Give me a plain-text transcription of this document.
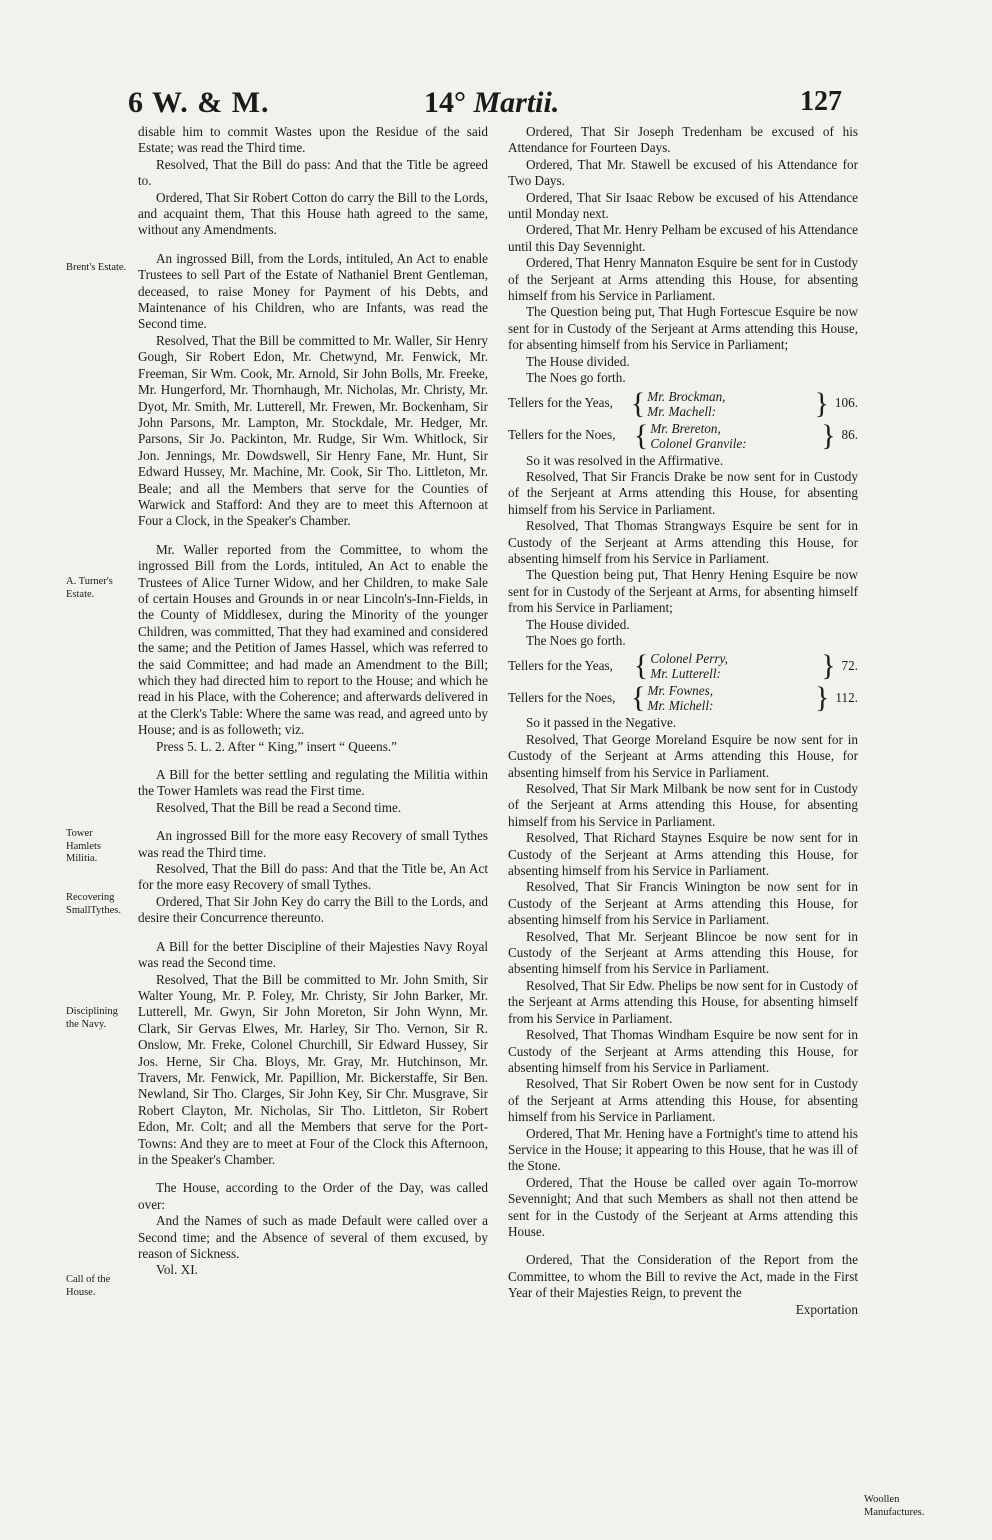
6 W. & M.	14° Martii.	127
Brent's Estate.
A. Turner's Estate.
Tower Hamlets Militia.
Recovering SmallTythes.
Disciplining the Navy.
Call of the House.
Woollen Manufactures.

disable him to commit Wastes upon the Residue of the said Estate; was read the Third time.

Resolved, That the Bill do pass: And that the Title be agreed to.

Ordered, That Sir Robert Cotton do carry the Bill to the Lords, and acquaint them, That this House hath agreed to the same, without any Amendments.

An ingrossed Bill, from the Lords, intituled, An Act to enable Trustees to sell Part of the Estate of Nathaniel Brent Gentleman, deceased, to raise Money for Payment of his Debts, and Maintenance of his Children, who are Infants, was read the Second time.

Resolved, That the Bill be committed to Mr. Waller, Sir Henry Gough, Sir Robert Edon, Mr. Chetwynd, Mr. Fenwick, Mr. Freeman, Sir Wm. Cook, Mr. Arnold, Sir John Bolls, Mr. Freeke, Mr. Hungerford, Mr. Thornhaugh, Mr. Nicholas, Mr. Christy, Mr. Dyot, Mr. Smith, Mr. Lutterell, Mr. Frewen, Mr. Bockenham, Sir John Parsons, Mr. Lampton, Mr. Stockdale, Mr. Hedger, Mr. Parsons, Sir Jo. Packinton, Mr. Rudge, Sir Wm. Whitlock, Sir Jon. Jennings, Mr. Dowdswell, Sir Henry Fane, Mr. Hunt, Sir Edward Hussey, Mr. Machine, Mr. Cook, Sir Tho. Littleton, Mr. Beale; and all the Members that serve for the Counties of Warwick and Stafford: And they are to meet this Afternoon at Four a Clock, in the Speaker's Chamber.

Mr. Waller reported from the Committee, to whom the ingrossed Bill from the Lords, intituled, An Act to enable the Trustees of Alice Turner Widow, and her Children, to make Sale of certain Houses and Grounds in or near Lincoln's-Inn-Fields, in the County of Middlesex, during the Minority of the younger Children, was committed, That they had examined and considered the same; and the Petition of James Hassel, which was referred to the said Committee; and had made an Amendment to the Bill; which they had directed him to report to the House; and which he read in his Place, with the Coherence; and afterwards delivered in at the Clerk's Table: Where the same was read, and agreed unto by House; and is as followeth; viz.

Press 5. L. 2. After “ King,” insert “ Queens.”

A Bill for the better settling and regulating the Militia within the Tower Hamlets was read the First time.

Resolved, That the Bill be read a Second time.

An ingrossed Bill for the more easy Recovery of small Tythes was read the Third time.

Resolved, That the Bill do pass: And that the Title be, An Act for the more easy Recovery of small Tythes.

Ordered, That Sir John Key do carry the Bill to the Lords, and desire their Concurrence thereunto.

A Bill for the better Discipline of their Majesties Navy Royal was read the Second time.

Resolved, That the Bill be committed to Mr. John Smith, Sir Walter Young, Mr. P. Foley, Mr. Christy, Sir John Barker, Mr. Lutterell, Mr. Gwyn, Sir John Moreton, Sir John Wynn, Mr. Clark, Sir Gervas Elwes, Mr. Harley, Sir Tho. Vernon, Sir R. Onslow, Mr. Freke, Colonel Churchill, Sir Edward Hussey, Sir Jos. Herne, Sir Cha. Bloys, Mr. Gray, Mr. Hutchinson, Mr. Travers, Mr. Fenwick, Mr. Papillion, Mr. Bickerstaffe, Sir Ben. Newland, Sir Tho. Clarges, Sir John Key, Sir Chr. Musgrave, Sir Robert Clayton, Mr. Nicholas, Sir Tho. Littleton, Sir Robert Edon, Mr. Colt; and all the Members that serve for the Port-Towns: And they are to meet at Four of the Clock this Afternoon, in the Speaker's Chamber.

The House, according to the Order of the Day, was called over:

And the Names of such as made Default were called over a Second time; and the Absence of several of them excused, by reason of Sickness.

Vol. XI.

Ordered, That Sir Joseph Tredenham be excused of his Attendance for Fourteen Days.

Ordered, That Mr. Stawell be excused of his Attendance for Two Days.

Ordered, That Sir Isaac Rebow be excused of his Attendance until Monday next.

Ordered, That Mr. Henry Pelham be excused of his Attendance until this Day Sevennight.

Ordered, That Henry Mannaton Esquire be sent for in Custody of the Serjeant at Arms attending this House, for absenting himself from his Service in Parliament.

The Question being put, That Hugh Fortescue Esquire be now sent for in Custody of the Serjeant at Arms attending this House, for absenting himself from his Service in Parliament;

The House divided.

The Noes go forth.

Tellers for the Yeas, { Mr. Brockman,
Mr. Machell:	} 106.
Tellers for the Noes, { Mr. Brereton,
Colonel Granvile:	} 86.

So it was resolved in the Affirmative.

Resolved, That Sir Francis Drake be now sent for in Custody of the Serjeant at Arms attending this House, for absenting himself from his Service in Parliament.

Resolved, That Thomas Strangways Esquire be sent for in Custody of the Serjeant at Arms attending this House, for absenting himself from his Service in Parliament.

The Question being put, That Henry Hening Esquire be now sent for in Custody of the Serjeant at Arms, for absenting himself from his Service in Parliament;

The House divided.

The Noes go forth.

Tellers for the Yeas, { Colonel Perry,
Mr. Lutterell:	} 72.
Tellers for the Noes, { Mr. Fownes,
Mr. Michell:	} 112.

So it passed in the Negative.

Resolved, That George Moreland Esquire be now sent for in Custody of the Serjeant at Arms attending this House, for absenting himself from his Service in Parliament.

Resolved, That Sir Mark Milbank be now sent for in Custody of the Serjeant at Arms attending this House, for absenting himself from his Service in Parliament.

Resolved, That Richard Staynes Esquire be now sent for in Custody of the Serjeant at Arms attending this House, for absenting himself from his Service in Parliament.

Resolved, That Sir Francis Winington be now sent for in Custody of the Serjeant at Arms attending this House, for absenting himself from his Service in Parliament.

Resolved, That Mr. Serjeant Blincoe be now sent for in Custody of the Serjeant at Arms attending this House, for absenting himself from his Service in Parliament.

Resolved, That Sir Edw. Phelips be now sent for in Custody of the Serjeant at Arms attending this House, for absenting himself from his Service in Parliament.

Resolved, That Thomas Windham Esquire be now sent for in Custody of the Serjeant at Arms attending this House, for absenting himself from his Service in Parliament.

Resolved, That Sir Robert Owen be now sent for in Custody of the Serjeant at Arms attending this House, for absenting himself from his Service in Parliament.

Ordered, That Mr. Hening have a Fortnight's time to attend his Service in the House; it appearing to this House, that he was ill of the Stone.

Ordered, That the House be called over again To-morrow Sevennight; And that such Members as shall not then attend be sent for in the Custody of the Serjeant at Arms attending this House.

Ordered, That the Consideration of the Report from the Committee, to whom the Bill to revive the Act, made in the First Year of their Majesties Reign, to prevent the

Exportation
